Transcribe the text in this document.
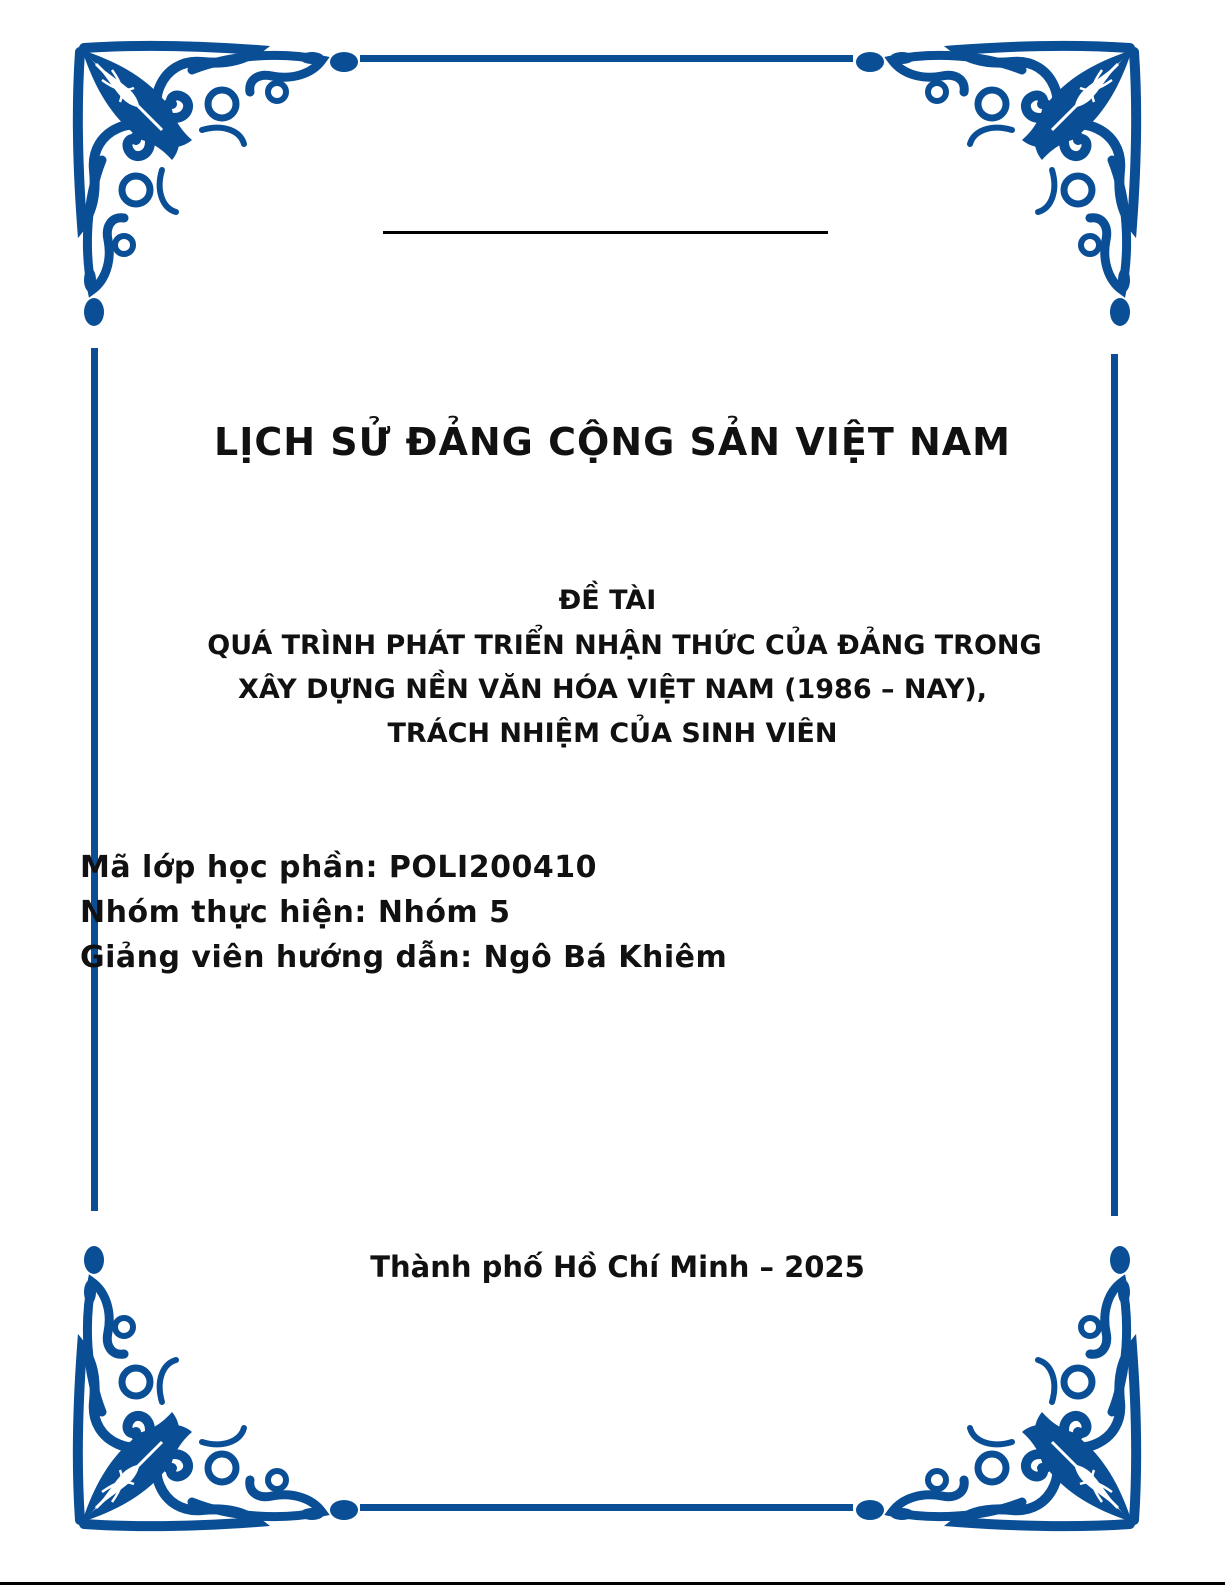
LỊCH SỬ ĐẢNG CỘNG SẢN VIỆT NAM
ĐỀ TÀI
QUÁ TRÌNH PHÁT TRIỂN NHẬN THỨC CỦA ĐẢNG TRONG
XÂY DỰNG NỀN VĂN HÓA VIỆT NAM (1986 – NAY),
TRÁCH NHIỆM CỦA SINH VIÊN
Mã lớp học phần: POLI200410
Nhóm thực hiện: Nhóm 5
Giảng viên hướng dẫn: Ngô Bá Khiêm
Thành phố Hồ Chí Minh – 2025
